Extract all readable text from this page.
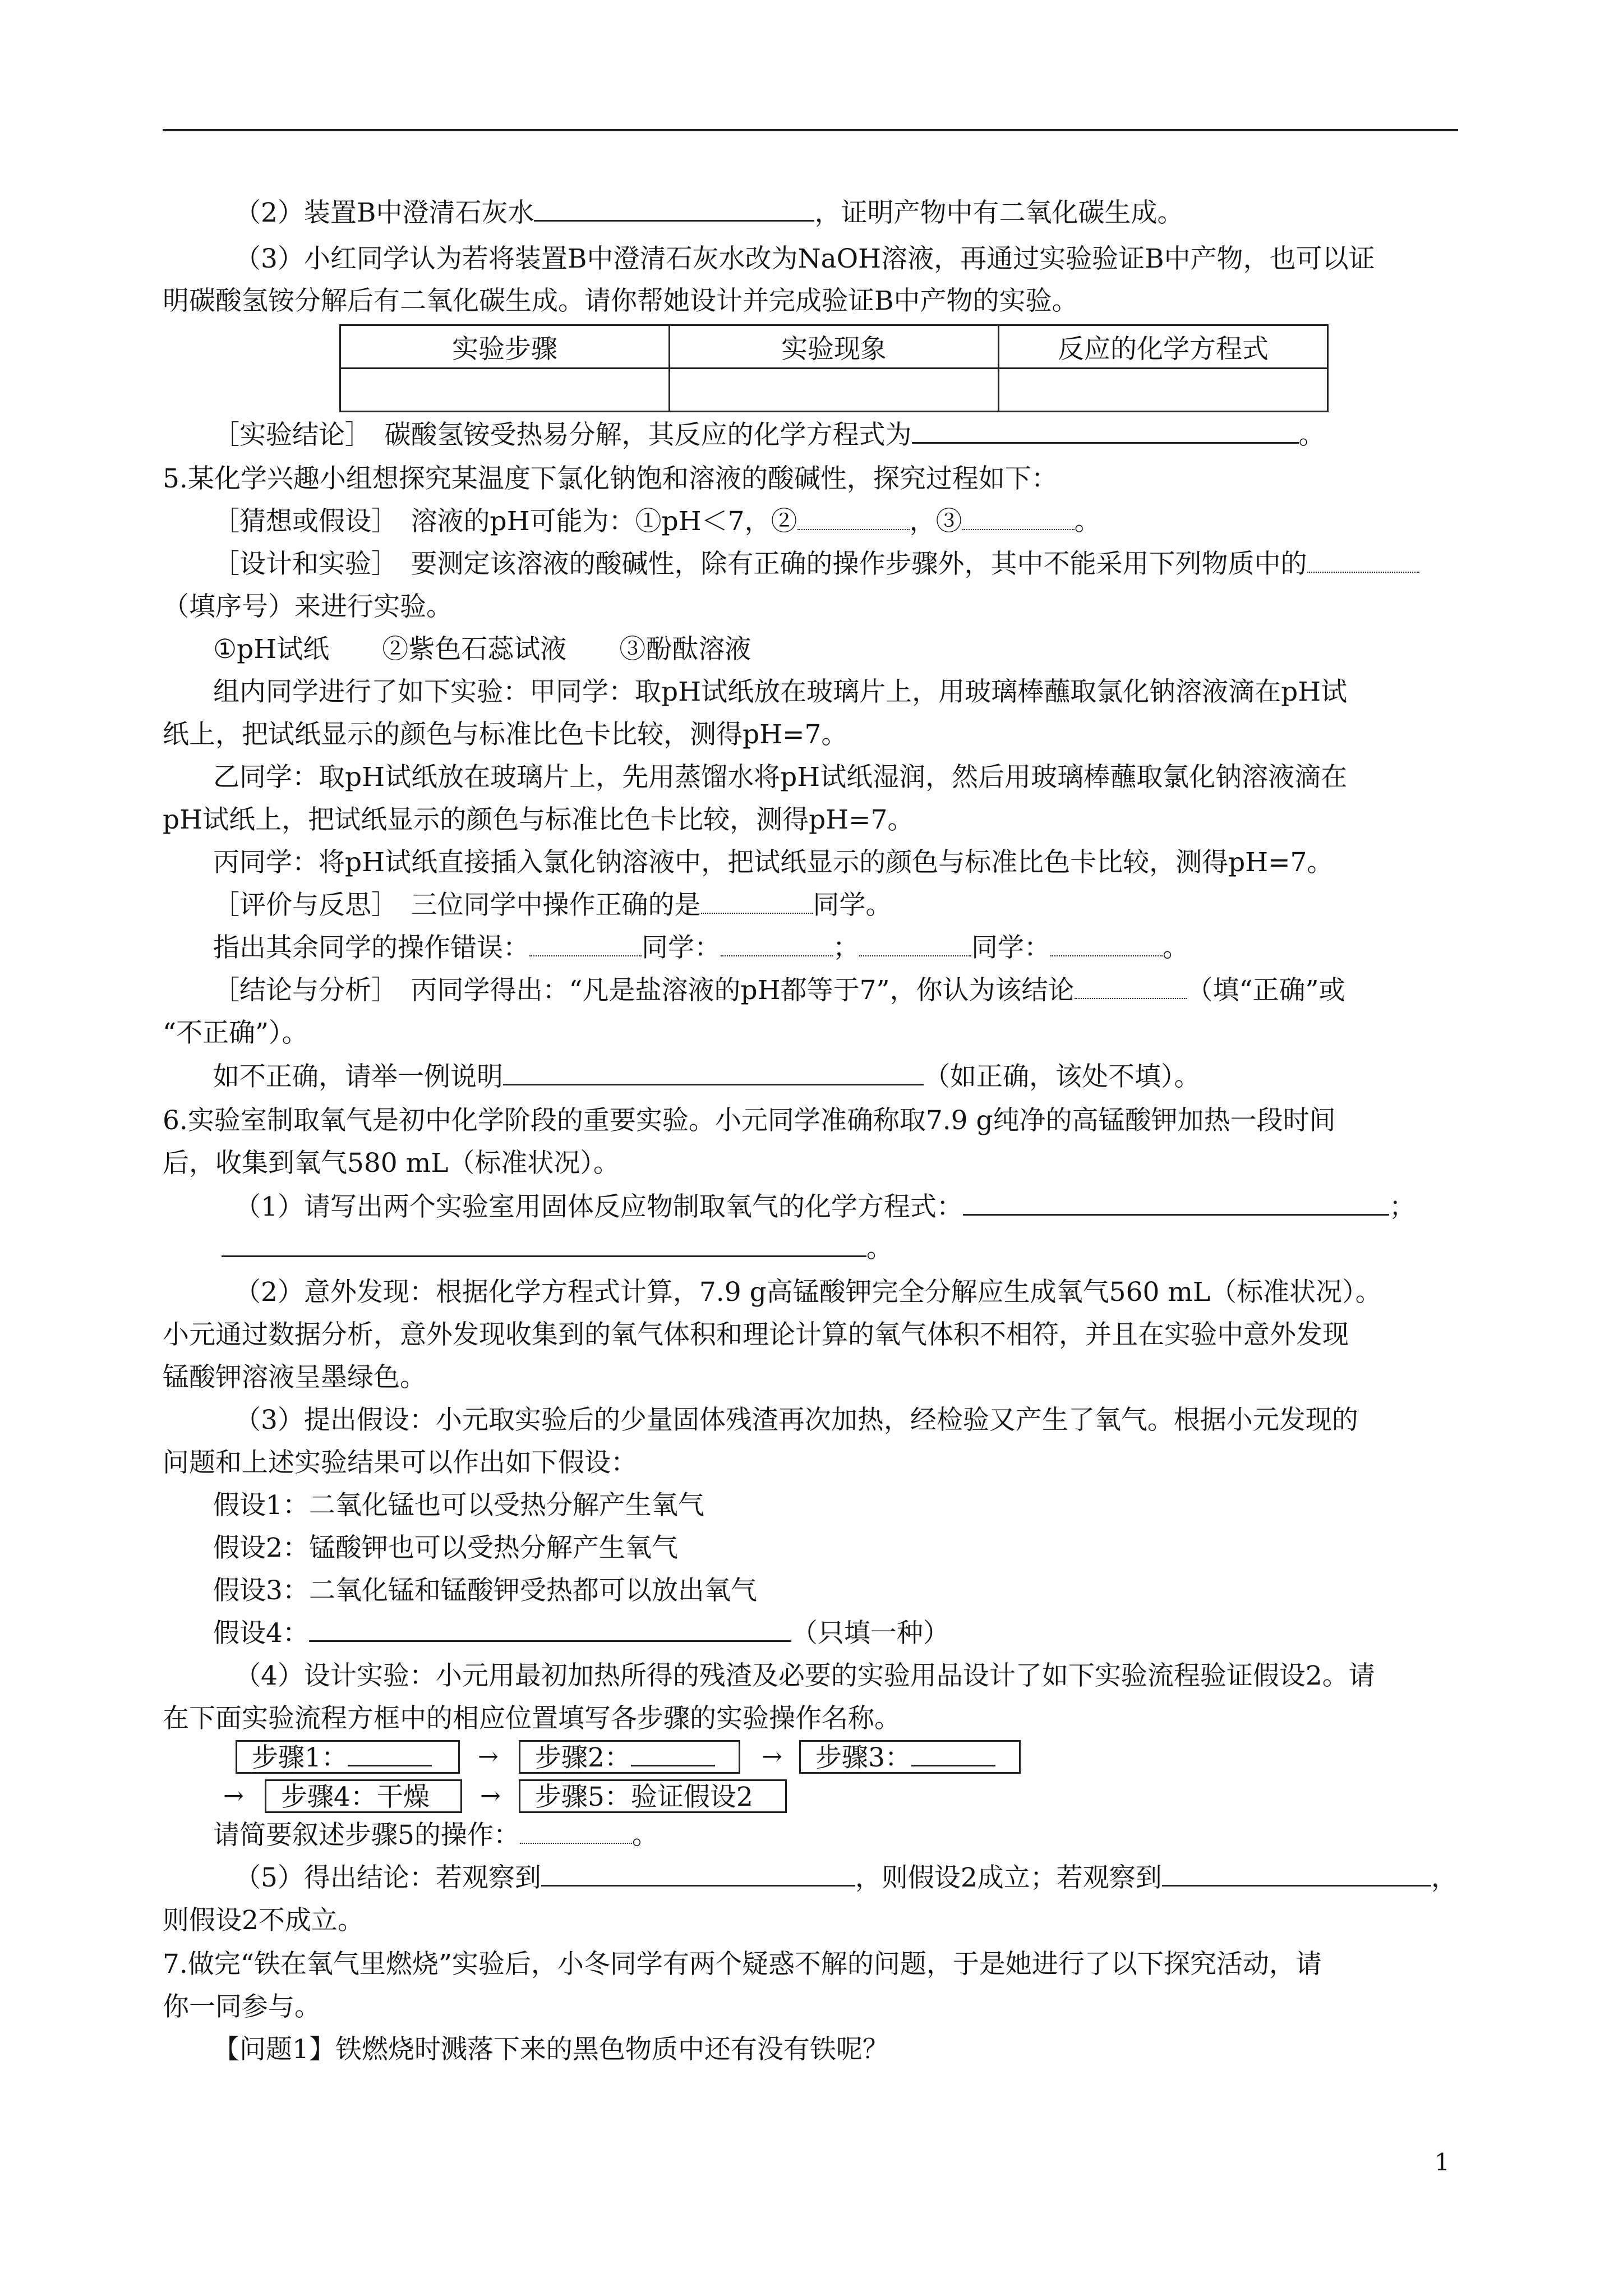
（2）装置B中澄清石灰水	，证明产物中有二氧化碳生成。
（3）小红同学认为若将装置B中澄清石灰水改为NaOH溶液，再通过实验验证B中产物，也可以证
明碳酸氢铵分解后有二氧化碳生成。请你帮她设计并完成验证B中产物的实验。
实验步骤	实验现象	反应的化学方程式

［实验结论］　碳酸氢铵受热易分解，其反应的化学方程式为	。
5.某化学兴趣小组想探究某温度下氯化钠饱和溶液的酸碱性，探究过程如下：
［猜想或假设］　溶液的pH可能为：①pH＜7，②	，③	。
［设计和实验］　要测定该溶液的酸碱性，除有正确的操作步骤外，其中不能采用下列物质中的
（填序号）来进行实验。
①pH试纸　　②紫色石蕊试液　　③酚酞溶液
组内同学进行了如下实验：甲同学：取pH试纸放在玻璃片上，用玻璃棒蘸取氯化钠溶液滴在pH试
纸上，把试纸显示的颜色与标准比色卡比较，测得pH=7。
乙同学：取pH试纸放在玻璃片上，先用蒸馏水将pH试纸湿润，然后用玻璃棒蘸取氯化钠溶液滴在
pH试纸上，把试纸显示的颜色与标准比色卡比较，测得pH=7。
丙同学：将pH试纸直接插入氯化钠溶液中，把试纸显示的颜色与标准比色卡比较，测得pH=7。
［评价与反思］　三位同学中操作正确的是	同学。
指出其余同学的操作错误：	同学：	；	同学：	。
［结论与分析］　丙同学得出：“凡是盐溶液的pH都等于7”，你认为该结论	（填“正确”或
“不正确”）。
如不正确，请举一例说明	（如正确，该处不填）。
6.实验室制取氧气是初中化学阶段的重要实验。小元同学准确称取7.9 g纯净的高锰酸钾加热一段时间
后，收集到氧气580 mL（标准状况）。
（1）请写出两个实验室用固体反应物制取氧气的化学方程式：	；
。
（2）意外发现：根据化学方程式计算，7.9 g高锰酸钾完全分解应生成氧气560 mL（标准状况）。
小元通过数据分析，意外发现收集到的氧气体积和理论计算的氧气体积不相符，并且在实验中意外发现
锰酸钾溶液呈墨绿色。
（3）提出假设：小元取实验后的少量固体残渣再次加热，经检验又产生了氧气。根据小元发现的
问题和上述实验结果可以作出如下假设：
假设1：二氧化锰也可以受热分解产生氧气
假设2：锰酸钾也可以受热分解产生氧气
假设3：二氧化锰和锰酸钾受热都可以放出氧气
假设4：	（只填一种）
（4）设计实验：小元用最初加热所得的残渣及必要的实验用品设计了如下实验流程验证假设2。请
在下面实验流程方框中的相应位置填写各步骤的实验操作名称。
步骤1：	→	步骤2：	→	步骤3：
→	步骤4：干燥	→	步骤5：验证假设2
请简要叙述步骤5的操作：	。
（5）得出结论：若观察到	，则假设2成立；若观察到	，
则假设2不成立。
7.做完“铁在氧气里燃烧”实验后，小冬同学有两个疑惑不解的问题，于是她进行了以下探究活动，请
你一同参与。
【问题1】铁燃烧时溅落下来的黑色物质中还有没有铁呢？
1
